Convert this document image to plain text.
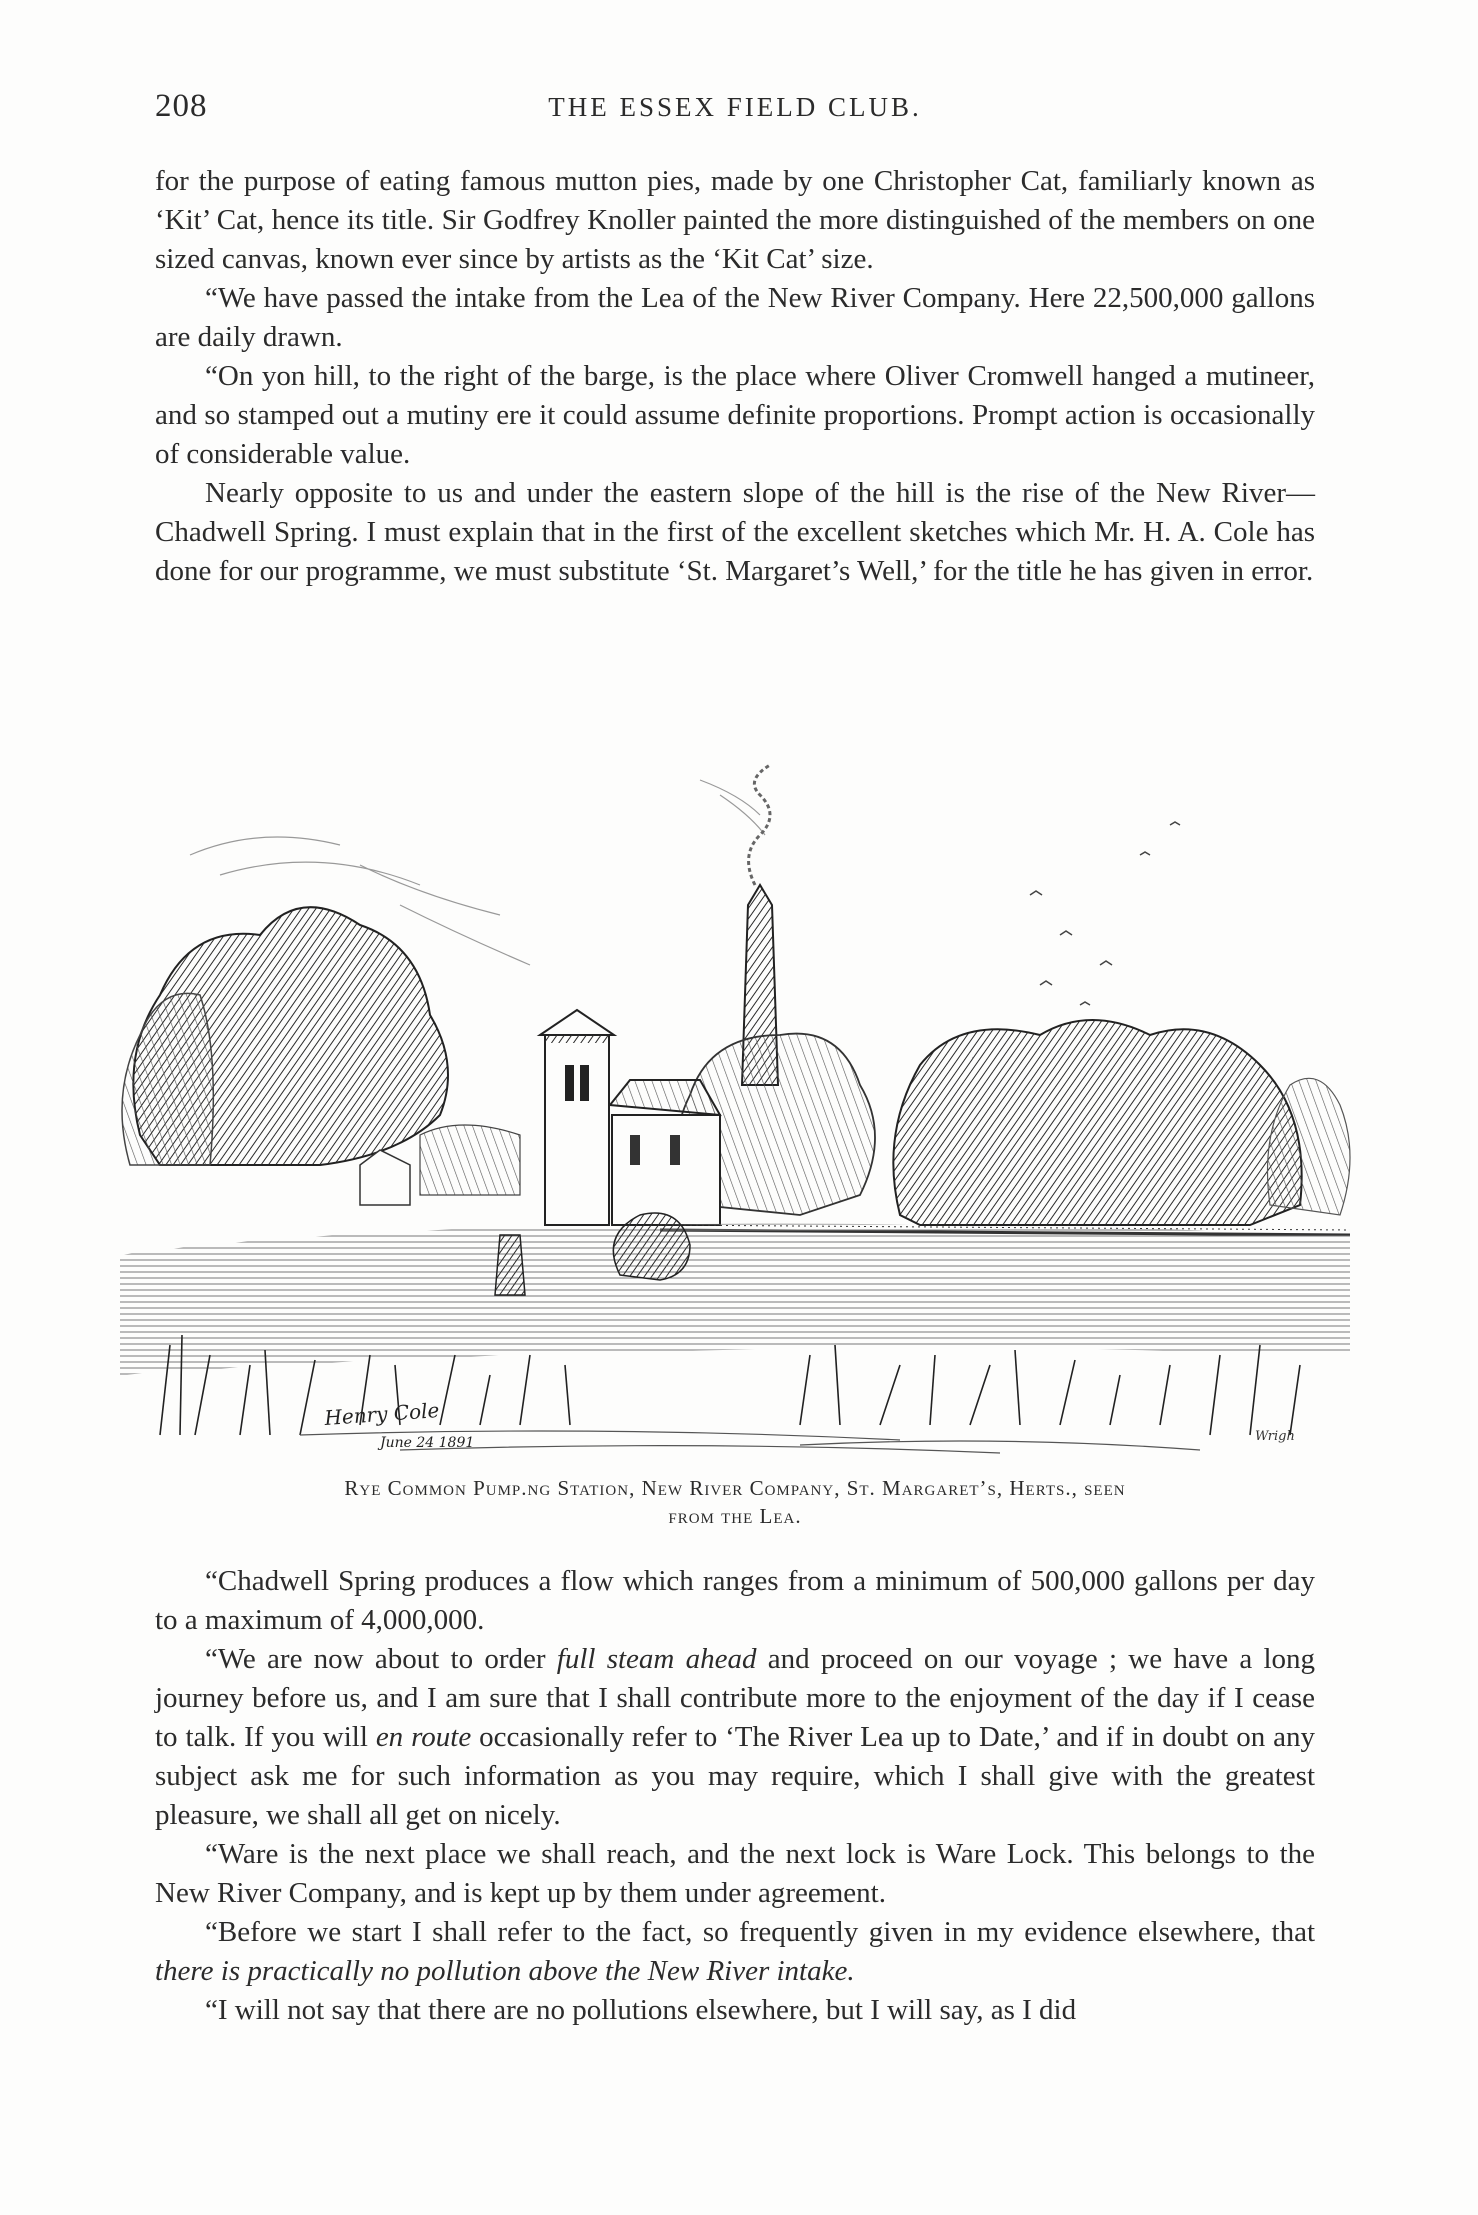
208	THE ESSEX FIELD CLUB.

for the purpose of eating famous mutton pies, made by one Christopher Cat, familiarly known as ‘Kit’ Cat, hence its title. Sir Godfrey Knoller painted the more distinguished of the members on one sized canvas, known ever since by artists as the ‘Kit Cat’ size.

“We have passed the intake from the Lea of the New River Company. Here 22,500,000 gallons are daily drawn.

“On yon hill, to the right of the barge, is the place where Oliver Cromwell hanged a mutineer, and so stamped out a mutiny ere it could assume definite proportions. Prompt action is occasionally of considerable value.

Nearly opposite to us and under the eastern slope of the hill is the rise of the New River—Chadwell Spring. I must explain that in the first of the excellent sketches which Mr. H. A. Cole has done for our programme, we must substitute ‘St. Margaret’s Well,’ for the title he has given in error.

Henry Cole
June 24 1891	Wrigh
Rye Common Pump.ng Station, New River Company, St. Margaret’s, Herts., seen
from the Lea.

“Chadwell Spring produces a flow which ranges from a minimum of 500,000 gallons per day to a maximum of 4,000,000.

“We are now about to order full steam ahead and proceed on our voyage ; we have a long journey before us, and I am sure that I shall contribute more to the enjoyment of the day if I cease to talk. If you will en route occasionally refer to ‘The River Lea up to Date,’ and if in doubt on any subject ask me for such information as you may require, which I shall give with the greatest pleasure, we shall all get on nicely.

“Ware is the next place we shall reach, and the next lock is Ware Lock. This belongs to the New River Company, and is kept up by them under agreement.

“Before we start I shall refer to the fact, so frequently given in my evidence elsewhere, that there is practically no pollution above the New River intake.

“I will not say that there are no pollutions elsewhere, but I will say, as I did
